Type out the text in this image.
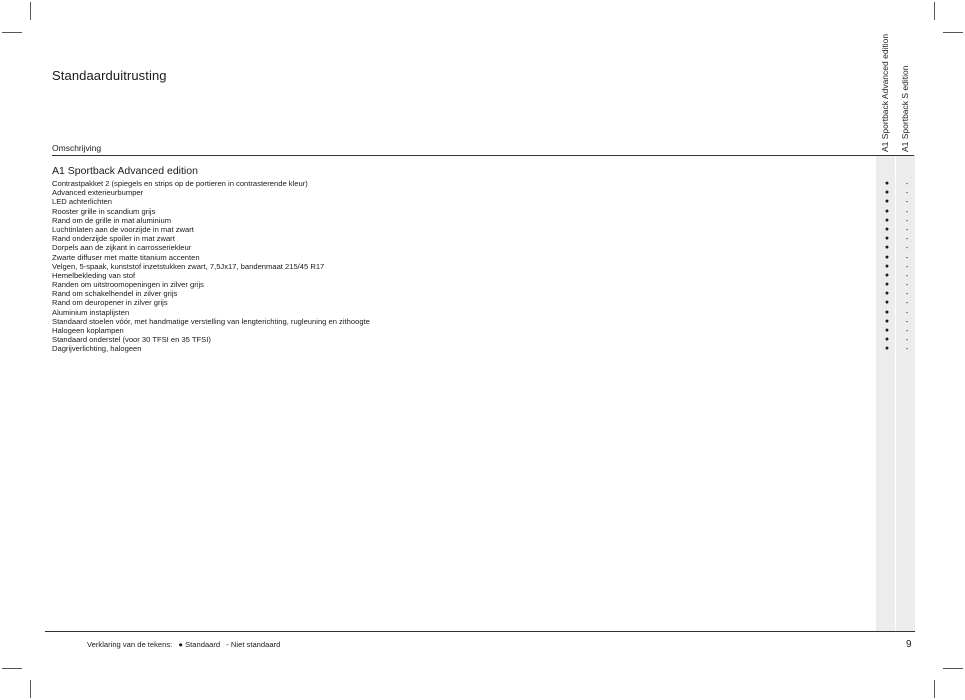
Standaarduitrusting
Omschrijving	A1 Sportback Advanced edition A1 Sportback S edition
A1 Sportback Advanced edition
Contrastpakket 2 (spiegels en strips op de portieren in contrasterende kleur)	●	-
Advanced exterieurbumper	●	-
LED achterlichten	●	-
Rooster grille in scandium grijs	●	-
Rand om de grille in mat aluminium	●	-
Luchtinlaten aan de voorzijde in mat zwart	●	-
Rand onderzijde spoiler in mat zwart	●	-
Dorpels aan de zijkant in carrosseriekleur	●	-
Zwarte diffuser met matte titanium accenten	●	-
Velgen, 5-spaak, kunststof inzetstukken zwart, 7,5Jx17, bandenmaat 215/45 R17	●	-
Hemelbekleding van stof	●	-
Randen om uitstroomopeningen in zilver grijs	●	-
Rand om schakelhendel in zilver grijs	●	-
Rand om deuropener in zilver grijs	●	-
Aluminium instaplijsten	●	-
Standaard stoelen vóór, met handmatige verstelling van lengterichting, rugleuning en zithoogte	●	-
Halogeen koplampen	●	-
Standaard onderstel (voor 30 TFSI en 35 TFSI)	●	-
Dagrijverlichting, halogeen	●	-
Verklaring van de tekens: ● Standaard - Niet standaard	9
